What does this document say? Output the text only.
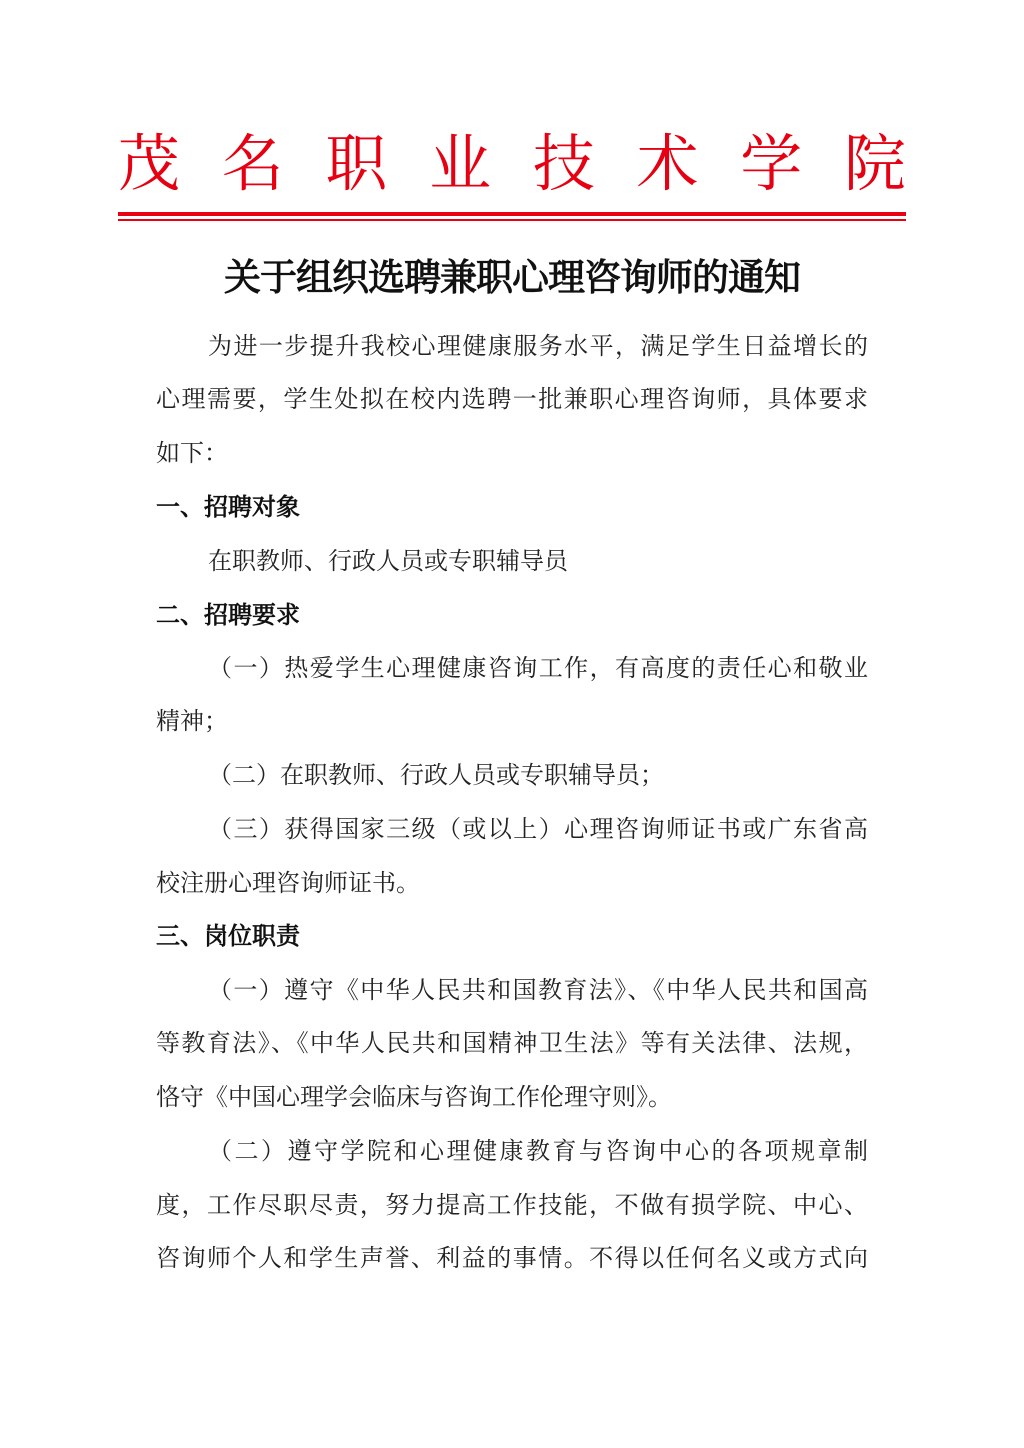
茂 名 职 业 技 术 学 院
关于组织选聘兼职心理咨询师的通知
为进一步提升我校心理健康服务水平，满足学生日益增长的
心理需要，学生处拟在校内选聘一批兼职心理咨询师，具体要求
如下：
一、招聘对象
在职教师、行政人员或专职辅导员
二、招聘要求
（一）热爱学生心理健康咨询工作，有高度的责任心和敬业
精神；
（二）在职教师、行政人员或专职辅导员；
（三）获得国家三级（或以上）心理咨询师证书或广东省高
校注册心理咨询师证书。
三、岗位职责
（一）遵守《中华人民共和国教育法》、《中华人民共和国高
等教育法》、《中华人民共和国精神卫生法》等有关法律、法规，
恪守《中国心理学会临床与咨询工作伦理守则》。
（二）遵守学院和心理健康教育与咨询中心的各项规章制
度，工作尽职尽责，努力提高工作技能，不做有损学院、中心、
咨询师个人和学生声誉、利益的事情。不得以任何名义或方式向
